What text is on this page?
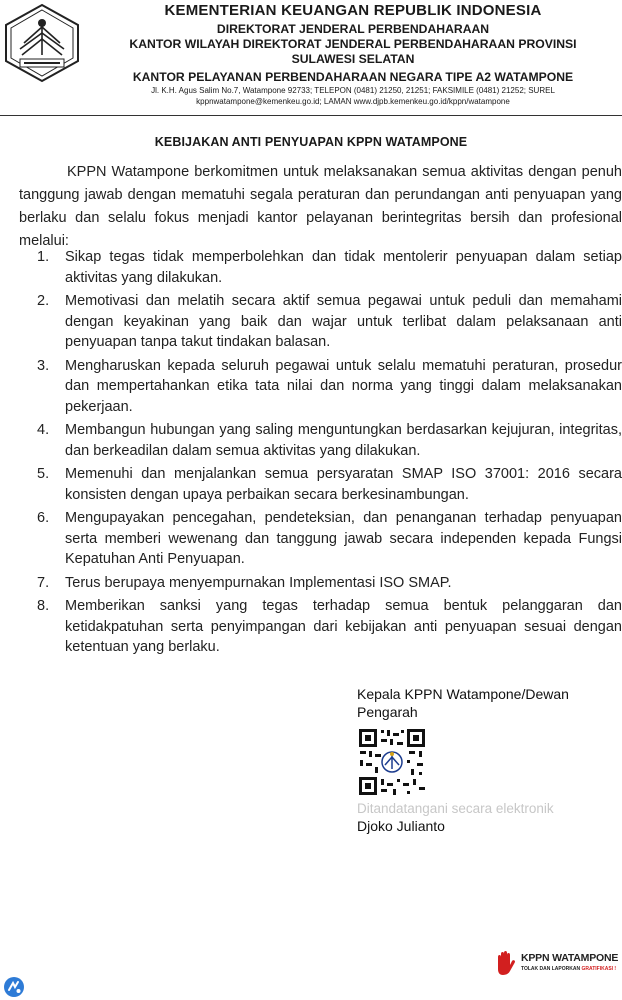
KEMENTERIAN KEUANGAN REPUBLIK INDONESIA
DIREKTORAT JENDERAL PERBENDAHARAAN
KANTOR WILAYAH DIREKTORAT JENDERAL PERBENDAHARAAN PROVINSI
SULAWESI SELATAN
KANTOR PELAYANAN PERBENDAHARAAN NEGARA TIPE A2 WATAMPONE
Jl. K.H. Agus Salim No.7, Watampone 92733; TELEPON (0481) 21250, 21251; FAKSIMILE (0481) 21252; SUREL
kppnwatampone@kemenkeu.go.id; LAMAN www.djpb.kemenkeu.go.id/kppn/watampone
KEBIJAKAN ANTI PENYUAPAN KPPN WATAMPONE
KPPN Watampone berkomitmen untuk melaksanakan semua aktivitas dengan penuh tanggung jawab dengan mematuhi segala peraturan dan perundangan anti penyuapan yang berlaku dan selalu fokus menjadi kantor pelayanan berintegritas bersih dan profesional melalui:
1. Sikap tegas tidak memperbolehkan dan tidak mentolerir penyuapan dalam setiap aktivitas yang dilakukan.
2. Memotivasi dan melatih secara aktif semua pegawai untuk peduli dan memahami dengan keyakinan yang baik dan wajar untuk terlibat dalam pelaksanaan anti penyuapan tanpa takut tindakan balasan.
3. Mengharuskan kepada seluruh pegawai untuk selalu mematuhi peraturan, prosedur dan mempertahankan etika tata nilai dan norma yang tinggi dalam melaksanakan pekerjaan.
4. Membangun hubungan yang saling menguntungkan berdasarkan kejujuran, integritas, dan berkeadilan dalam semua aktivitas yang dilakukan.
5. Memenuhi dan menjalankan semua persyaratan SMAP ISO 37001: 2016 secara konsisten dengan upaya perbaikan secara berkesinambungan.
6. Mengupayakan pencegahan, pendeteksian, dan penanganan terhadap penyuapan serta memberi wewenang dan tanggung jawab secara independen kepada Fungsi Kepatuhan Anti Penyuapan.
7. Terus berupaya menyempurnakan Implementasi ISO SMAP.
8. Memberikan sanksi yang tegas terhadap semua bentuk pelanggaran dan ketidakpatuhan serta penyimpangan dari kebijakan anti penyuapan sesuai dengan ketentuan yang berlaku.
Kepala KPPN Watampone/Dewan Pengarah
Ditandatangani secara elektronik
Djoko Julianto
KPPN WATAMPONE
TOLAK DAN LAPORKAN GRATIFIKASI !
